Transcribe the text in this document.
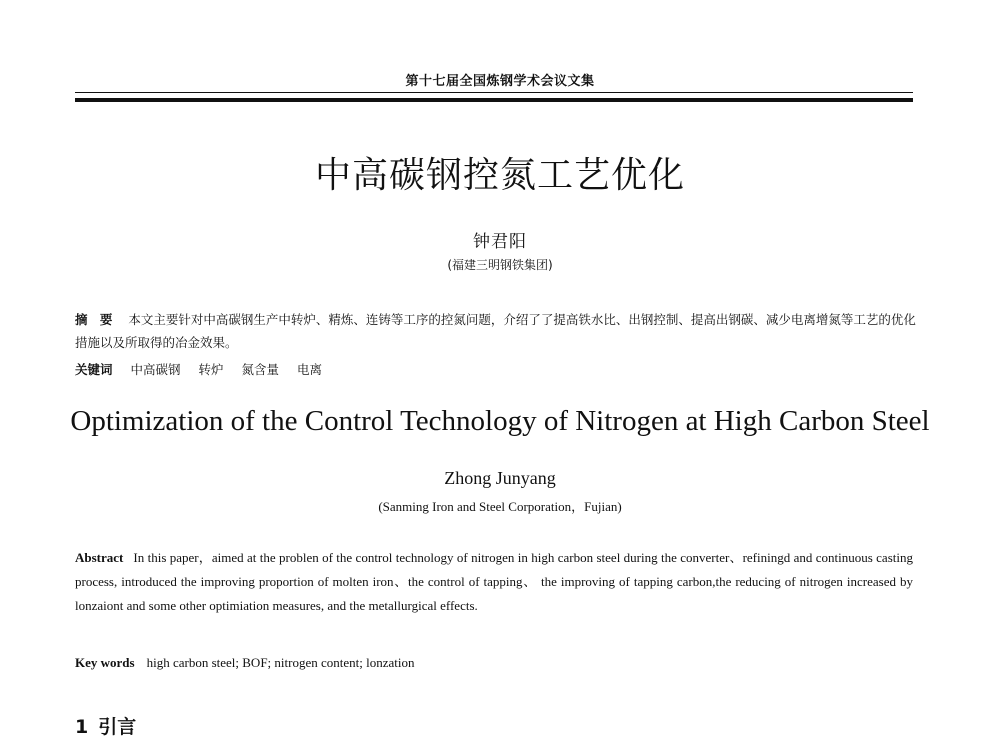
第十七届全国炼钢学术会议文集
中高碳钢控氮工艺优化
钟君阳
(福建三明钢铁集团)
摘 要 本文主要针对中高碳钢生产中转炉、精炼、连铸等工序的控氮问题，介绍了了提高铁水比、出钢控制、提高出钢碳、减少电离增氮等工艺的优化措施以及所取得的冶金效果。
关键词 中高碳钢 转炉 氮含量 电离
Optimization of the Control Technology of Nitrogen at High Carbon Steel
Zhong Junyang
(Sanming Iron and Steel Corporation，Fujian)
Abstract In this paper，aimed at the problen of the control technology of nitrogen in high carbon steel during the converter、refiningd and continuous casting process, introduced the improving proportion of molten iron、the control of tapping、 the improving of tapping carbon,the reducing of nitrogen increased by lonzaiont and some other optimiation measures, and the metallurgical effects.
Key words high carbon steel; BOF; nitrogen content; lonzation
1 引言
